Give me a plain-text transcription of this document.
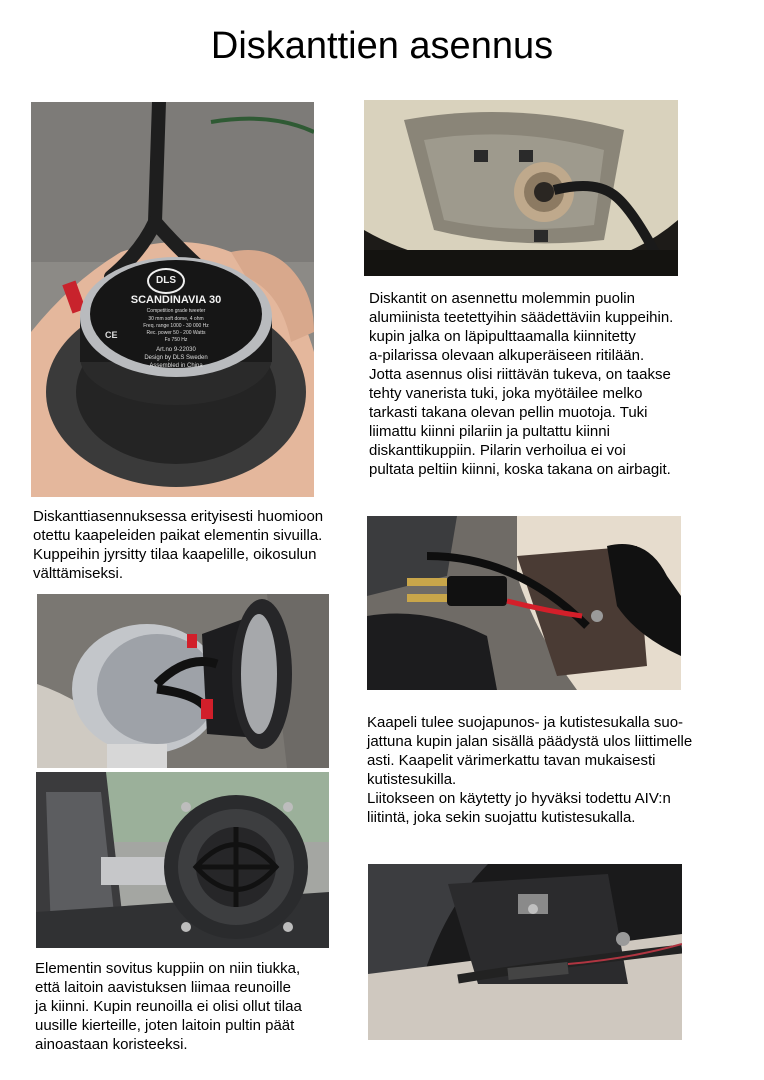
Diskanttien asennus
DLS
SCANDINAVIA 30
Competition grade tweeter
30 mm soft dome, 4 ohm
Freq. range 1000 - 30 000 Hz
Rec. power 50 - 200 Watts
Fs 750 Hz
Art.no 9-22030
Design by DLS Sweden
Assembled in China
CE
Diskantit on asennettu molemmin puolin
alumiinista teetettyihin säädettäviin kuppeihin.
kupin jalka on läpipulttaamalla kiinnitetty
a-pilarissa olevaan alkuperäiseen ritilään.
Jotta asennus olisi riittävän tukeva, on taakse
tehty vanerista tuki, joka myötäilee melko
tarkasti takana olevan pellin muotoja. Tuki
liimattu kiinni pilariin ja pultattu kiinni
diskanttikuppiin. Pilarin verhoilua ei voi
pultata peltiin kiinni, koska takana on airbagit.
Diskanttiasennuksessa erityisesti huomioon
otettu kaapeleiden paikat elementin sivuilla.
Kuppeihin jyrsitty tilaa kaapelille, oikosulun
välttämiseksi.
Kaapeli tulee suojapunos- ja kutistesukalla suo-
jattuna kupin jalan sisällä päädystä ulos liittimelle
asti. Kaapelit värimerkattu tavan mukaisesti
kutistesukilla.
Liitokseen on käytetty jo hyväksi todettu AIV:n
liitintä, joka sekin suojattu kutistesukalla.
Elementin sovitus kuppiin on niin tiukka,
että laitoin aavistuksen liimaa reunoille
ja kiinni. Kupin reunoilla ei olisi ollut tilaa
uusille kierteille, joten laitoin pultin päät
ainoastaan koristeeksi.
